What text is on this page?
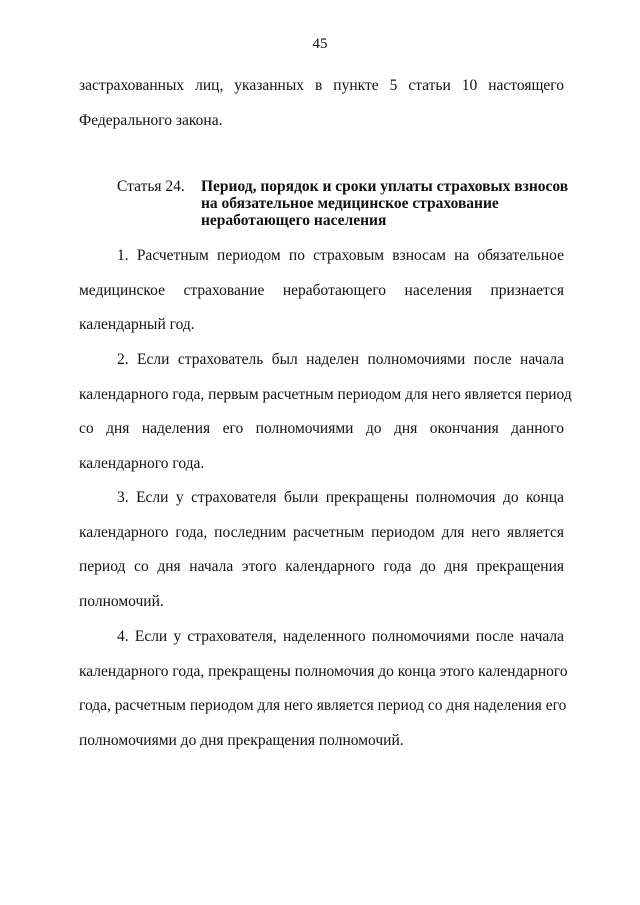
45
застрахованных лиц, указанных в пункте 5 статьи 10 настоящего
Федерального закона.
Статья 24. Период, порядок и сроки уплаты страховых взносов
на обязательное медицинское страхование
неработающего населения
1. Расчетным периодом по страховым взносам на обязательное
медицинское страхование неработающего населения признается
календарный год.
2. Если страхователь был наделен полномочиями после начала
календарного года, первым расчетным периодом для него является период
со дня наделения его полномочиями до дня окончания данного
календарного года.
3. Если у страхователя были прекращены полномочия до конца
календарного года, последним расчетным периодом для него является
период со дня начала этого календарного года до дня прекращения
полномочий.
4. Если у страхователя, наделенного полномочиями после начала
календарного года, прекращены полномочия до конца этого календарного
года, расчетным периодом для него является период со дня наделения его
полномочиями до дня прекращения полномочий.
